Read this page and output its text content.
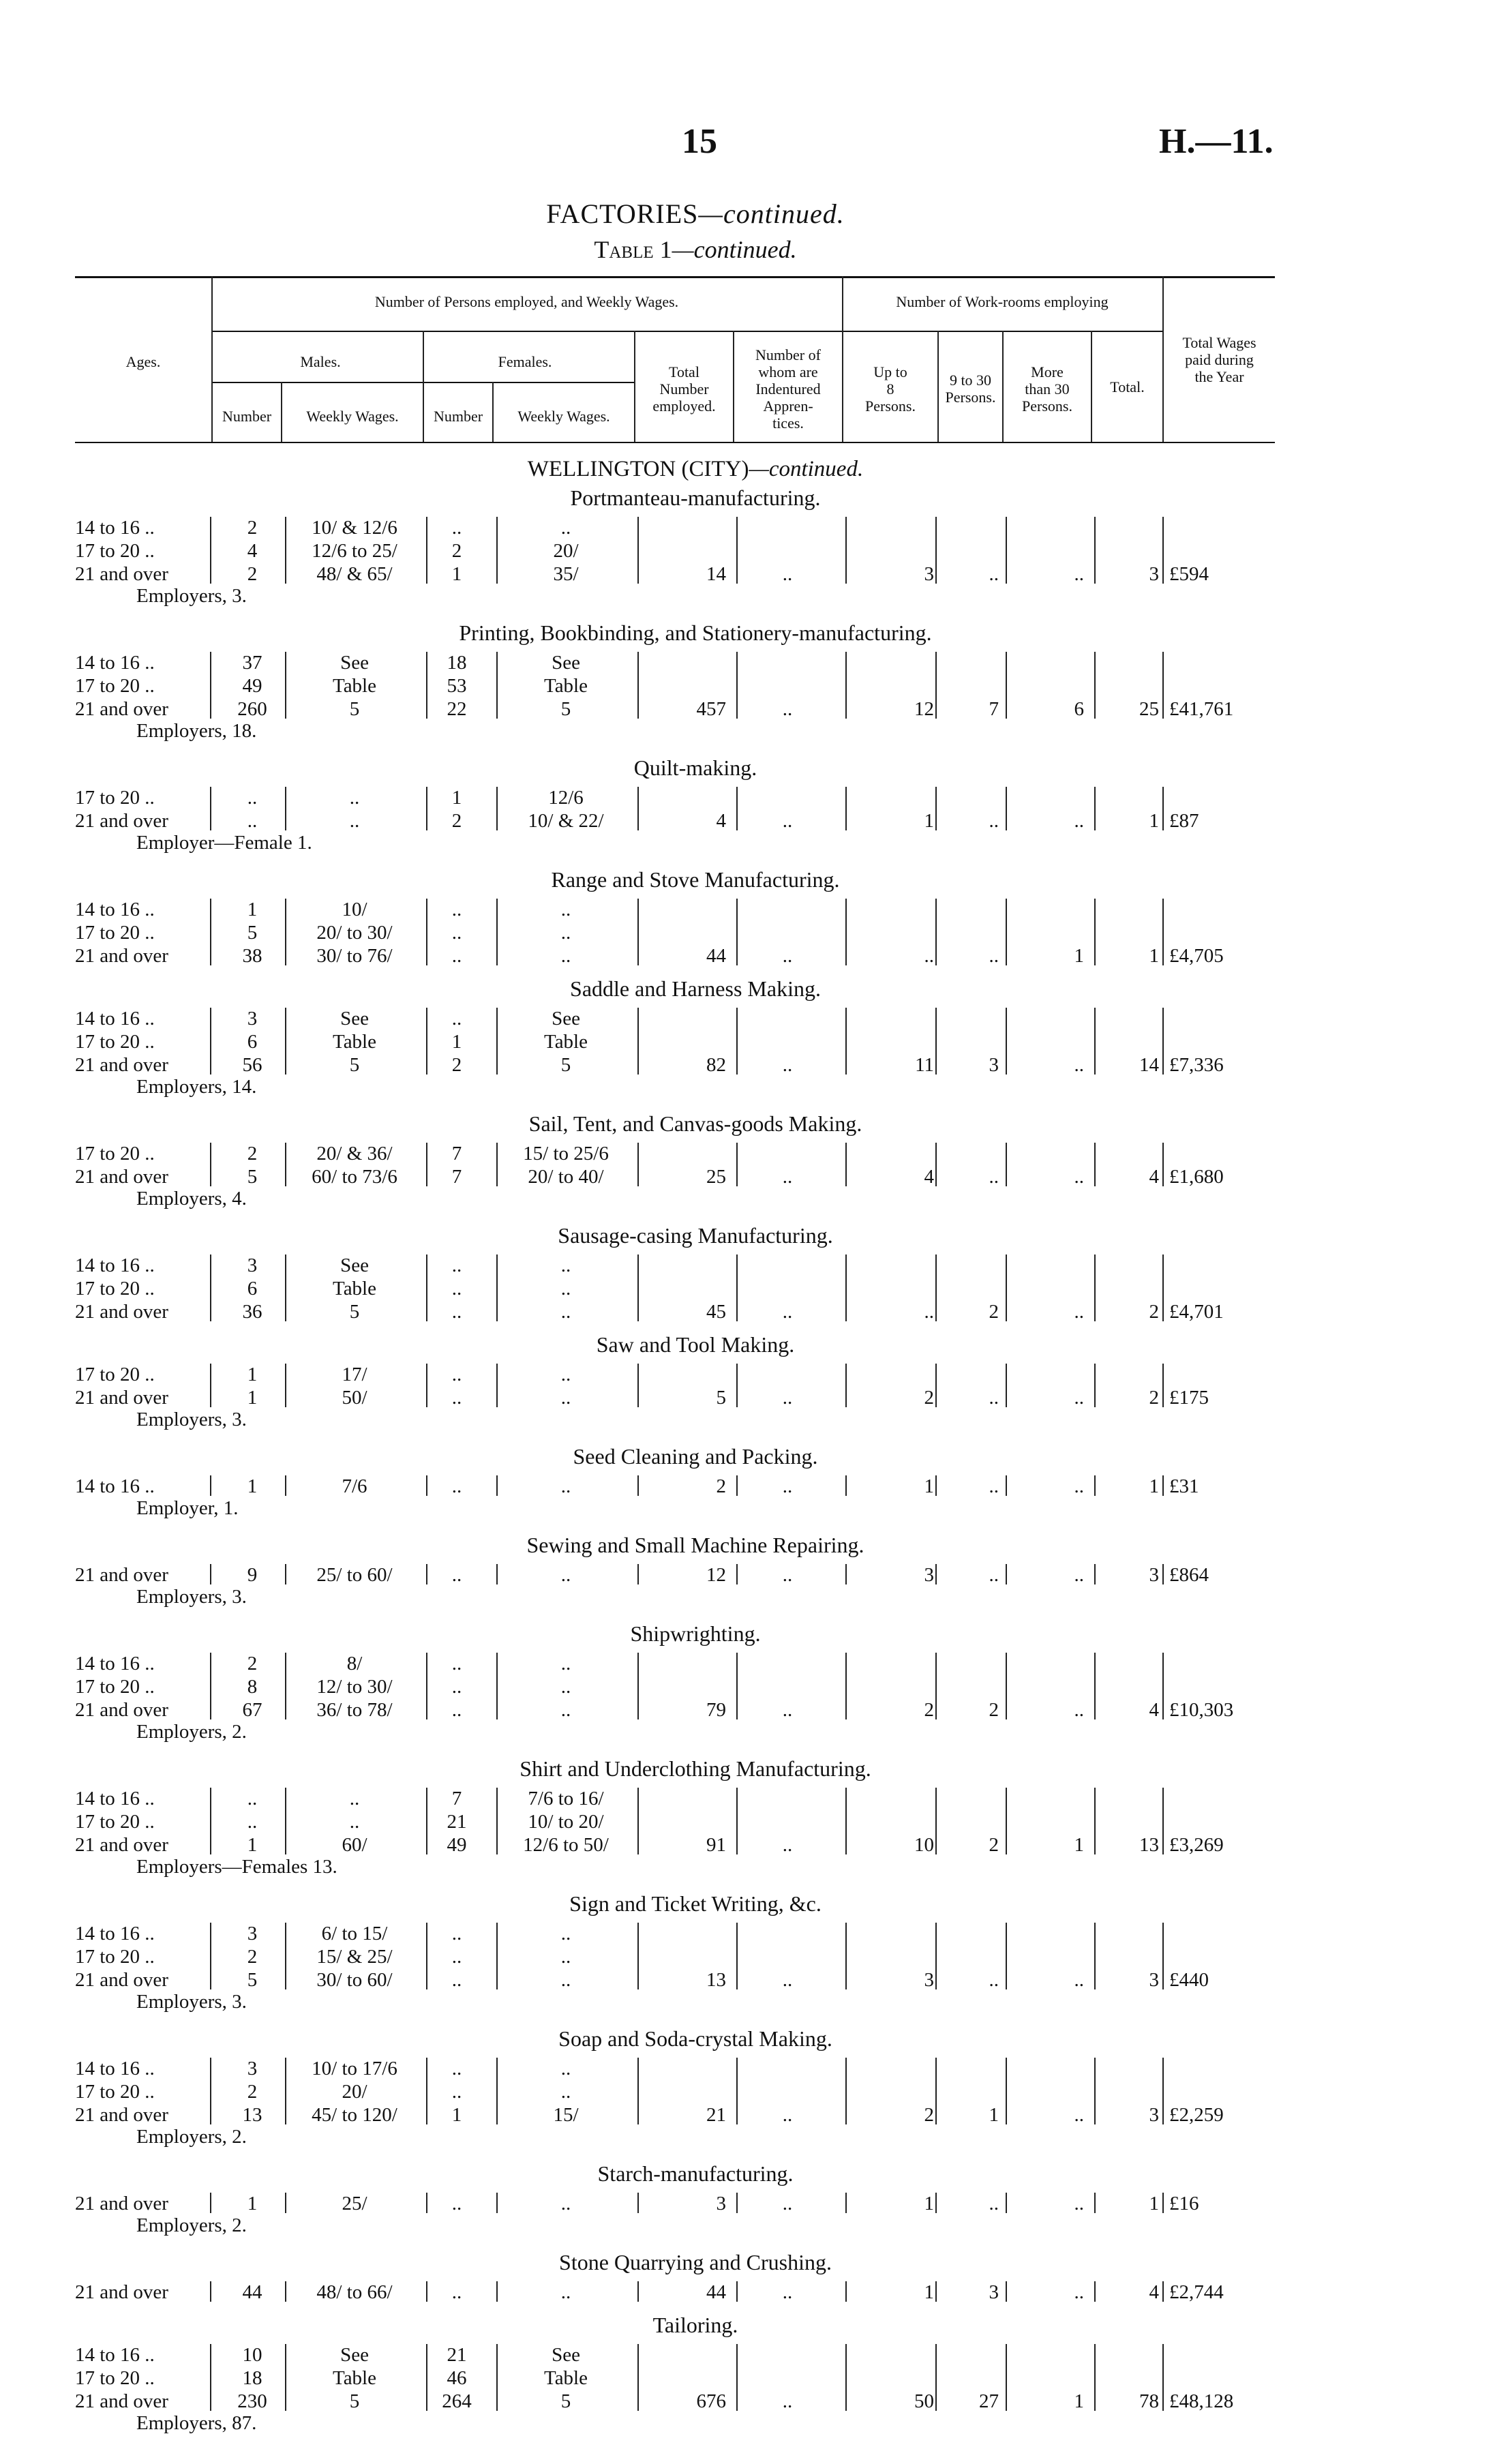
15	H.—11.
FACTORIES—continued.
Table 1—continued.
Ages.
Number of Persons employed, and Weekly Wages.	Number of Work-rooms employing
Males.	Females.
Number	Weekly Wages.	Number	Weekly Wages.
Total
Number
employed.
Number of
whom are
Indentured
Appren-
tices.
Up to
8
Persons.
9 to 30
Persons.
More
than 30
Persons.
Total.
Total Wages
paid during
the Year
WELLINGTON (CITY)—continued.
Portmanteau-manufacturing.
14 to 16 ..	2	10/ & 12/6	..	..
17 to 20 ..	4	12/6 to 25/	2	20/
21 and over	2	48/ & 65/	1	35/	14	..	3	..	..	3 £594
Employers, 3.
Printing, Bookbinding, and Stationery-manufacturing.
14 to 16 ..	37	See	18	See
17 to 20 ..	49	Table	53	Table
21 and over	260	5	22	5	457	..	12	7	6	25 £41,761
Employers, 18.
Quilt-making.
17 to 20 ..	..	..	1	12/6
21 and over	..	..	2	10/ & 22/	4	..	1	..	..	1 £87
Employer—Female 1.
Range and Stove Manufacturing.
14 to 16 ..	1	10/	..	..
17 to 20 ..	5	20/ to 30/	..	..
21 and over	38	30/ to 76/	..	..	44	..	..	..	1	1 £4,705
Saddle and Harness Making.
14 to 16 ..	3	See	..	See
17 to 20 ..	6	Table	1	Table
21 and over	56	5	2	5	82	..	11	3	..	14 £7,336
Employers, 14.
Sail, Tent, and Canvas-goods Making.
17 to 20 ..	2	20/ & 36/	7	15/ to 25/6
21 and over	5	60/ to 73/6	7	20/ to 40/	25	..	4	..	..	4 £1,680
Employers, 4.
Sausage-casing Manufacturing.
14 to 16 ..	3	See	..	..
17 to 20 ..	6	Table	..	..
21 and over	36	5	..	..	45	..	..	2	..	2 £4,701
Saw and Tool Making.
17 to 20 ..	1	17/	..	..
21 and over	1	50/	..	..	5	..	2	..	..	2 £175
Employers, 3.
Seed Cleaning and Packing.
14 to 16 ..	1	7/6	..	..	2	..	1	..	..	1 £31
Employer, 1.
Sewing and Small Machine Repairing.
21 and over	9	25/ to 60/	..	..	12	..	3	..	..	3 £864
Employers, 3.
Shipwrighting.
14 to 16 ..	2	8/	..	..
17 to 20 ..	8	12/ to 30/	..	..
21 and over	67	36/ to 78/	..	..	79	..	2	2	..	4 £10,303
Employers, 2.
Shirt and Underclothing Manufacturing.
14 to 16 ..	..	..	7	7/6 to 16/
17 to 20 ..	..	..	21	10/ to 20/
21 and over	1	60/	49	12/6 to 50/	91	..	10	2	1	13 £3,269
Employers—Females 13.
Sign and Ticket Writing, &c.
14 to 16 ..	3	6/ to 15/	..	..
17 to 20 ..	2	15/ & 25/	..	..
21 and over	5	30/ to 60/	..	..	13	..	3	..	..	3 £440
Employers, 3.
Soap and Soda-crystal Making.
14 to 16 ..	3	10/ to 17/6	..	..
17 to 20 ..	2	20/	..	..
21 and over	13	45/ to 120/	1	15/	21	..	2	1	..	3 £2,259
Employers, 2.
Starch-manufacturing.
21 and over	1	25/	..	..	3	..	1	..	..	1 £16
Employers, 2.
Stone Quarrying and Crushing.
21 and over	44	48/ to 66/	..	..	44	..	1	3	..	4 £2,744
Tailoring.
14 to 16 ..	10	See	21	See
17 to 20 ..	18	Table	46	Table
21 and over	230	5	264	5	676	..	50	27	1	78 £48,128
Employers, 87.
